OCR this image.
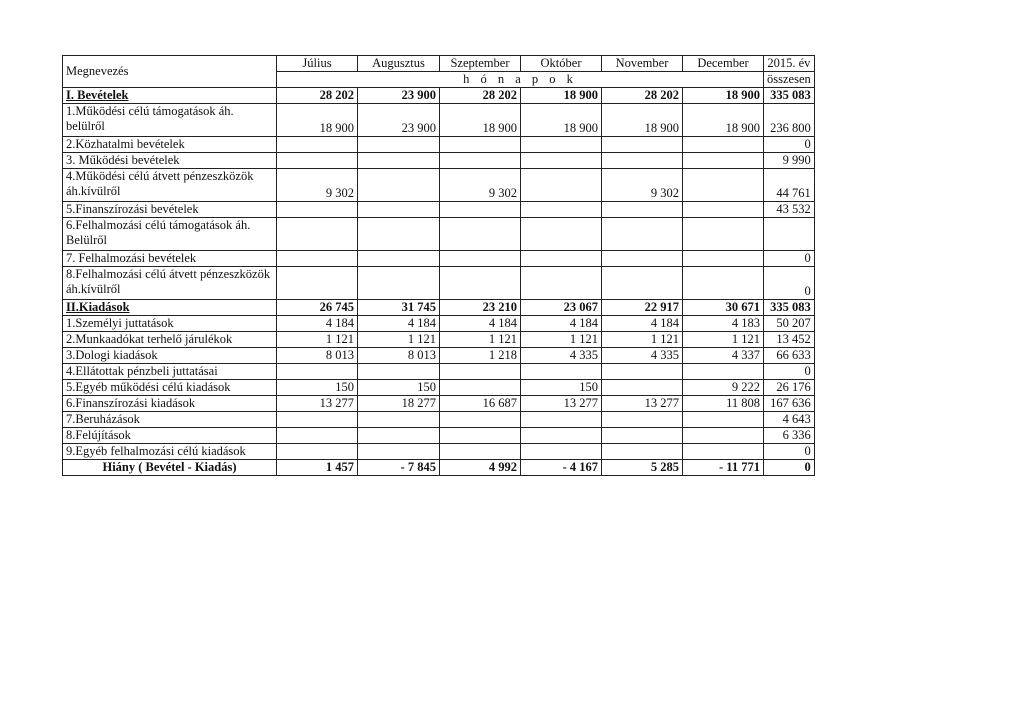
Megnevezés	Július	Augusztus	Szeptember	Október	November	December	2015. év
	h ó n a p o k						összesen
I. Bevételek	28 202	23 900	28 202	18 900	28 202	18 900	335 083
1.Működési célú támogatások áh. belülről	18 900	23 900	18 900	18 900	18 900	18 900	236 800
2.Közhatalmi bevételek							0
3. Működési bevételek							9 990
4.Működési célú átvett pénzeszközök áh.kívülről	9 302		9 302		9 302		44 761
5.Finanszírozási bevételek							43 532
6.Felhalmozási célú támogatások áh. Belülről							
7. Felhalmozási bevételek							0
8.Felhalmozási célú átvett pénzeszközök áh.kívülről							0
II.Kiadások	26 745	31 745	23 210	23 067	22 917	30 671	335 083
1.Személyi juttatások	4 184	4 184	4 184	4 184	4 184	4 183	50 207
2.Munkaadókat terhelő járulékok	1 121	1 121	1 121	1 121	1 121	1 121	13 452
3.Dologi kiadások	8 013	8 013	1 218	4 335	4 335	4 337	66 633
4.Ellátottak pénzbeli juttatásai							0
5.Egyéb működési célú kiadások	150	150		150		9 222	26 176
6.Finanszírozási kiadások	13 277	18 277	16 687	13 277	13 277	11 808	167 636
7.Beruházások							4 643
8.Felújítások							6 336
9.Egyéb felhalmozási célú kiadások							0
Hiány ( Bevétel - Kiadás)	1 457	- 7 845	4 992	- 4 167	5 285	- 11 771	0
